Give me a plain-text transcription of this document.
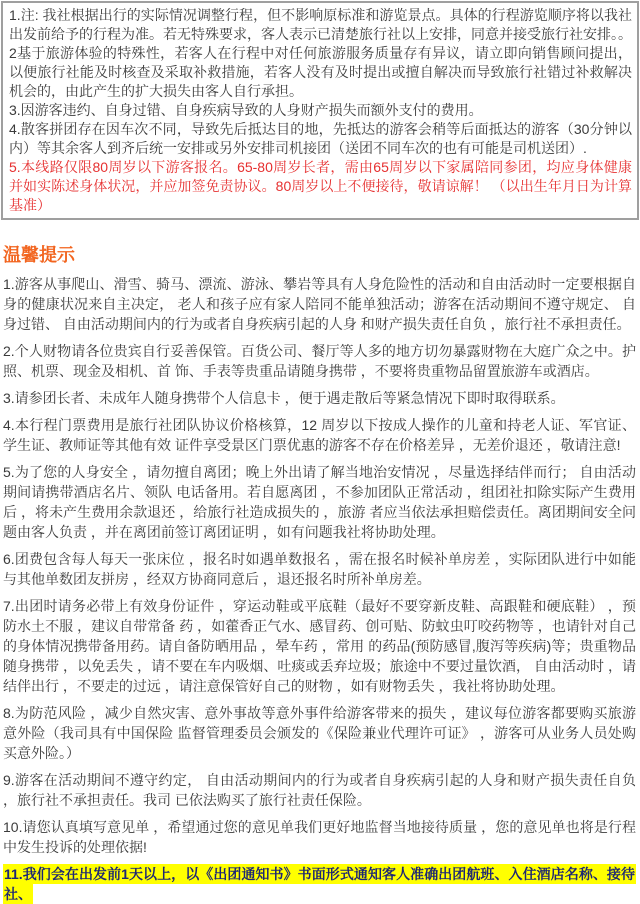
1.注: 我社根据出行的实际情况调整行程，但不影响原标准和游览景点。具体的行程游览顺序将以我社出发前给予的行程为准。若无特殊要求，客人表示已清楚旅行社以上安排，同意并接受旅行社安排。。

2基于旅游体验的特殊性，若客人在行程中对任何旅游服务质量存有异议，请立即向销售顾问提出，以便旅行社能及时核查及采取补救措施，若客人没有及时提出或擅自解决而导致旅行社错过补救解决机会的，由此产生的扩大损失由客人自行承担。

3.因游客违约、自身过错、自身疾病导致的人身财产损失而额外支付的费用。

4.散客拼团存在因车次不同，导致先后抵达目的地，先抵达的游客会稍等后面抵达的游客（30分钟以内）等其余客人到齐后统一安排或另外安排司机接团（送团不同车次的也有可能是司机送团）.

5.本线路仅限80周岁以下游客报名。65-80周岁长者，需由65周岁以下家属陪同参团，均应身体健康并如实陈述身体状况，并应加签免责协议。80周岁以上不便接待，敬请谅解！ （以出生年月日为计算基准）

温馨提示

1.游客从事爬山、滑雪、骑马、漂流、游泳、攀岩等具有人身危险性的活动和自由活动时一定要根据自身的健康状况来自主决定， 老人和孩子应有家人陪同不能单独活动；游客在活动期间不遵守规定、 自身过错、 自由活动期间内的行为或者自身疾病引起的人身 和财产损失责任自负 ，旅行社不承担责任。

2.个人财物请各位贵宾自行妥善保管。百货公司、餐厅等人多的地方切勿暴露财物在大庭广众之中。护照、机票、现金及相机、首 饰、手表等贵重品请随身携带 ，不要将贵重物品留置旅游车或酒店。

3.请参团长者、未成年人随身携带个人信息卡 ，便于遇走散后等紧急情况下即时取得联系。

4.本行程门票费用是旅行社团队协议价格核算，12 周岁以下按成人操作的儿童和持老人证、军官证、学生证、教师证等其他有效 证件享受景区门票优惠的游客不存在价格差异 ，无差价退还 ，敬请注意!

5.为了您的人身安全 ，请勿擅自离团；晚上外出请了解当地治安情况 ，尽量选择结伴而行； 自由活动期间请携带酒店名片、领队 电话备用。若自愿离团 ，不参加团队正常活动 ，组团社扣除实际产生费用后 ，将未产生费用余款退还 ，给旅行社造成损失的 ，旅游 者应当依法承担赔偿责任。离团期间安全问题由客人负责 ，并在离团前签订离团证明 ，如有问题我社将协助处理。

6.团费包含每人每天一张床位 ，报名时如遇单数报名 ，需在报名时候补单房差 ，实际团队进行中如能与其他单数团友拼房 ，经双方协商同意后 ，退还报名时所补单房差。

7.出团时请务必带上有效身份证件 ，穿运动鞋或平底鞋（最好不要穿新皮鞋、高跟鞋和硬底鞋） ，预防水土不服 ，建议自带常备 药 ，如藿香正气水、感冒药、创可贴、防蚊虫叮咬药物等 ，也请针对自己的身体情况携带备用药。请自备防晒用品 ，晕车药 ，常用 的药品(预防感冒,腹泻等疾病)等；贵重物品随身携带 ，以免丢失 ，请不要在车内吸烟、吐痰或丢弃垃圾；旅途中不要过量饮酒， 自由活动时 ，请结伴出行 ，不要走的过远 ，请注意保管好自己的财物 ，如有财物丢失 ，我社将协助处理。

8.为防范风险 ，减少自然灾害、意外事故等意外事件给游客带来的损失 ，建议每位游客都要购买旅游意外险（我司具有中国保险 监督管理委员会颁发的《保险兼业代理许可证》 ，游客可从业务人员处购买意外险。）

9.游客在活动期间不遵守约定， 自由活动期间内的行为或者自身疾病引起的人身和财产损失责任自负 ，旅行社不承担责任。我司 已依法购买了旅行社责任保险。

10.请您认真填写意见单 ，希望通过您的意见单我们更好地监督当地接待质量 ，您的意见单也将是行程中发生投诉的处理依据!

11.我们会在出发前1天以上，以《出团通知书》书面形式通知客人准确出团航班、入住酒店名称、接待社、
